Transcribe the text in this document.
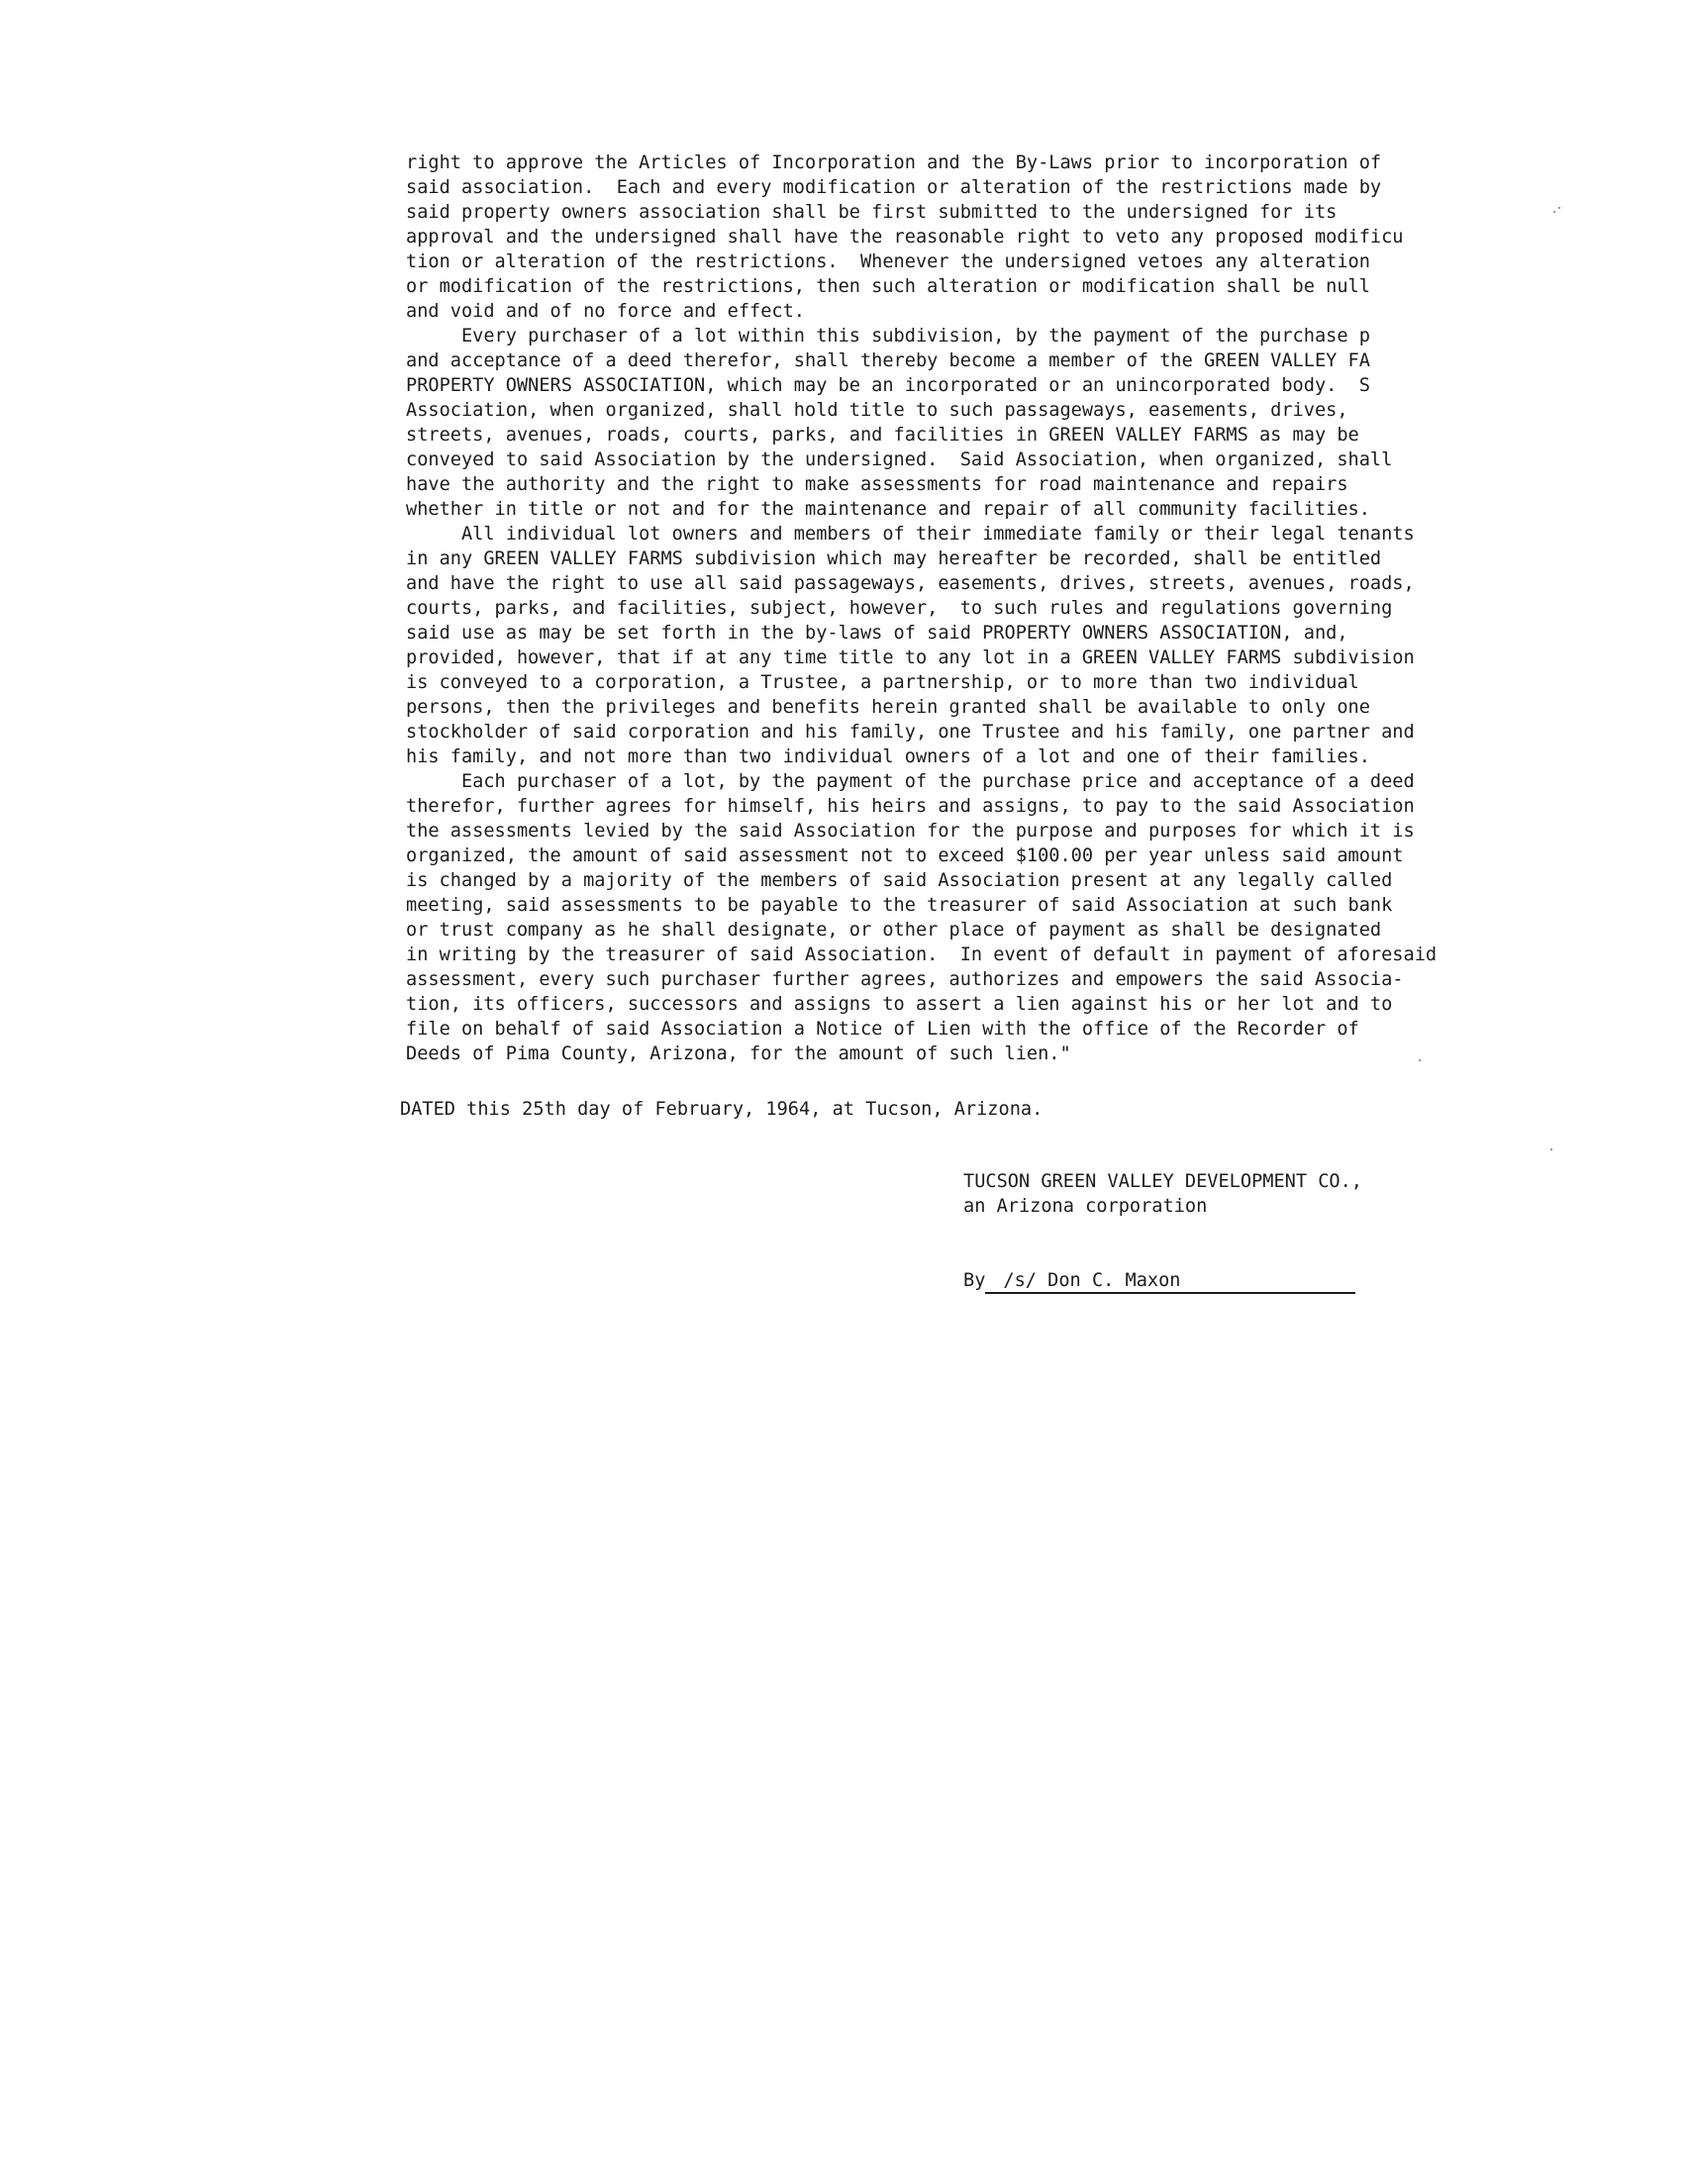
right to approve the Articles of Incorporation and the By-Laws prior to incorporation of
said association.  Each and every modification or alteration of the restrictions made by
said property owners association shall be first submitted to the undersigned for its
approval and the undersigned shall have the reasonable right to veto any proposed modificu
tion or alteration of the restrictions.  Whenever the undersigned vetoes any alteration
or modification of the restrictions, then such alteration or modification shall be null
and void and of no force and effect.
Every purchaser of a lot within this subdivision, by the payment of the purchase p
and acceptance of a deed therefor, shall thereby become a member of the GREEN VALLEY FA
PROPERTY OWNERS ASSOCIATION, which may be an incorporated or an unincorporated body.  S
Association, when organized, shall hold title to such passageways, easements, drives,
streets, avenues, roads, courts, parks, and facilities in GREEN VALLEY FARMS as may be
conveyed to said Association by the undersigned.  Said Association, when organized, shall
have the authority and the right to make assessments for road maintenance and repairs
whether in title or not and for the maintenance and repair of all community facilities.
All individual lot owners and members of their immediate family or their legal tenants
in any GREEN VALLEY FARMS subdivision which may hereafter be recorded, shall be entitled
and have the right to use all said passageways, easements, drives, streets, avenues, roads,
courts, parks, and facilities, subject, however,  to such rules and regulations governing
said use as may be set forth in the by-laws of said PROPERTY OWNERS ASSOCIATION, and,
provided, however, that if at any time title to any lot in a GREEN VALLEY FARMS subdivision
is conveyed to a corporation, a Trustee, a partnership, or to more than two individual
persons, then the privileges and benefits herein granted shall be available to only one
stockholder of said corporation and his family, one Trustee and his family, one partner and
his family, and not more than two individual owners of a lot and one of their families.
Each purchaser of a lot, by the payment of the purchase price and acceptance of a deed
therefor, further agrees for himself, his heirs and assigns, to pay to the said Association
the assessments levied by the said Association for the purpose and purposes for which it is
organized, the amount of said assessment not to exceed $100.00 per year unless said amount
is changed by a majority of the members of said Association present at any legally called
meeting, said assessments to be payable to the treasurer of said Association at such bank
or trust company as he shall designate, or other place of payment as shall be designated
in writing by the treasurer of said Association.  In event of default in payment of aforesaid
assessment, every such purchaser further agrees, authorizes and empowers the said Associa-
tion, its officers, successors and assigns to assert a lien against his or her lot and to
file on behalf of said Association a Notice of Lien with the office of the Recorder of
Deeds of Pima County, Arizona, for the amount of such lien."
DATED this 25th day of February, 1964, at Tucson, Arizona.
TUCSON GREEN VALLEY DEVELOPMENT CO.,
an Arizona corporation
By /s/ Don C. Maxon
